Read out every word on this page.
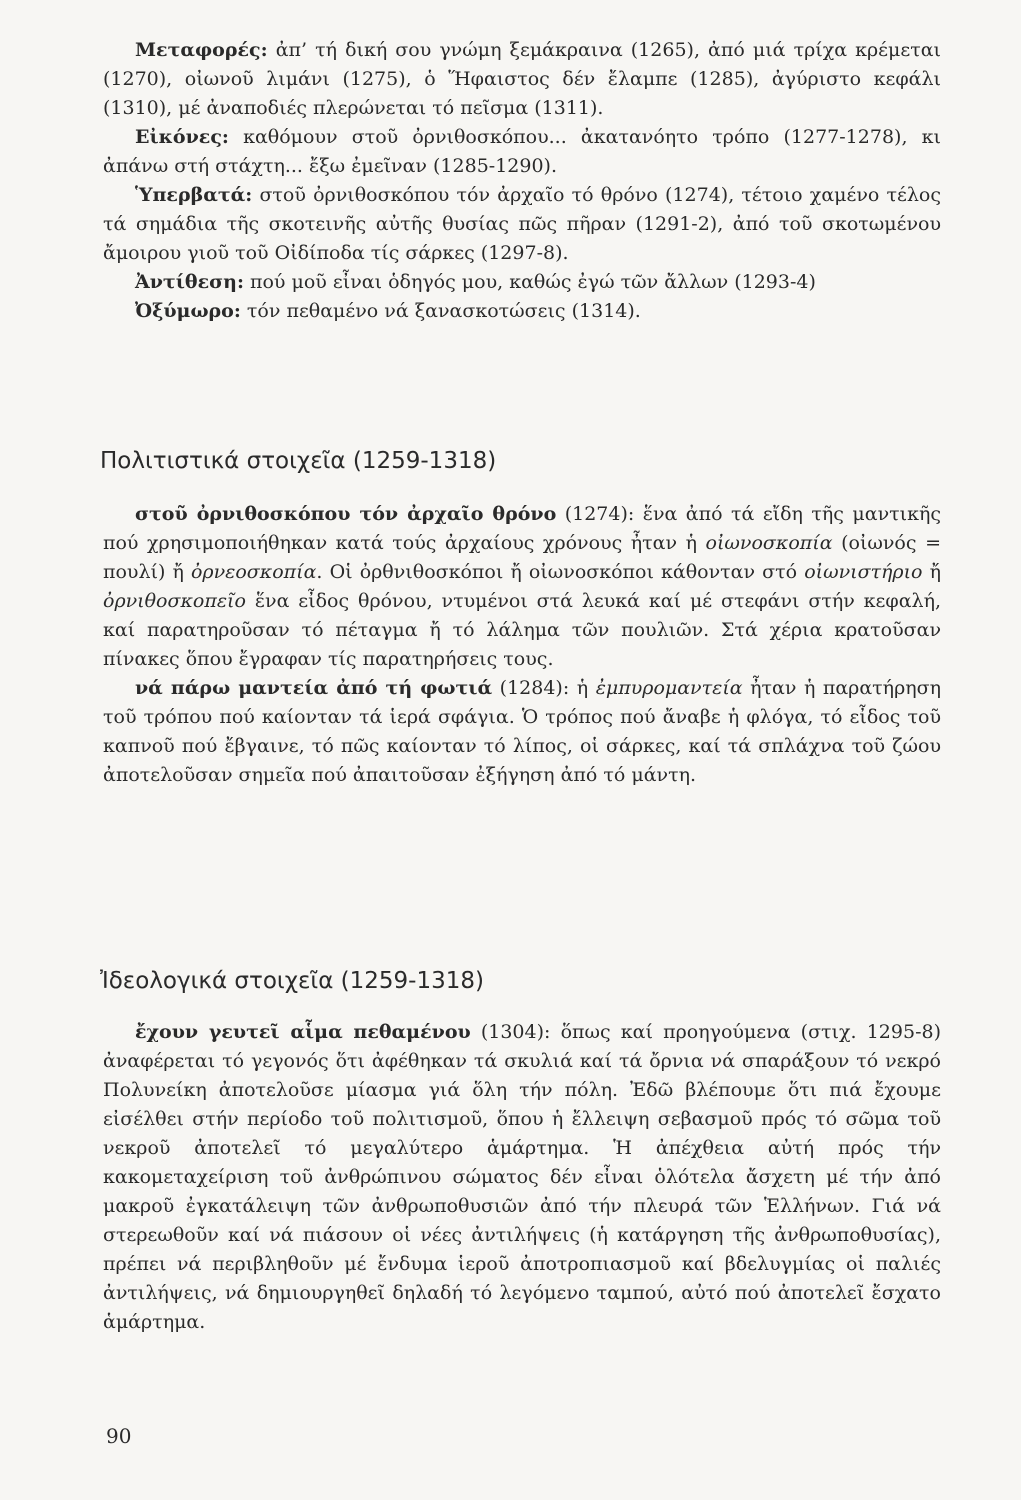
Μεταφορές: ἀπ’ τή δική σου γνώμη ξεμάκραινα (1265), ἀπό μιά τρίχα κρέμεται (1270), οἰωνοῦ λιμάνι (1275), ὁ Ἥφαιστος δέν ἔλαμπε (1285), ἀγύριστο κεφάλι (1310), μέ ἀναποδιές πλερώνεται τό πεῖσμα (1311).

Εἰκόνες: καθόμουν στοῦ ὀρνιθοσκόπου... ἀκατανόητο τρόπο (1277-1278), κι ἀπάνω στή στάχτη... ἔξω ἐμεῖναν (1285-1290).

Ὑπερβατά: στοῦ ὀρνιθοσκόπου τόν ἀρχαῖο τό θρόνο (1274), τέτοιο χαμένο τέλος τά σημάδια τῆς σκοτεινῆς αὐτῆς θυσίας πῶς πῆραν (1291-2), ἀπό τοῦ σκοτωμένου ἄμοιρου γιοῦ τοῦ Οἰδίποδα τίς σάρκες (1297-8).

Ἀντίθεση: πού μοῦ εἶναι ὁδηγός μου, καθώς ἐγώ τῶν ἄλλων (1293-4)

Ὀξύμωρο: τόν πεθαμένο νά ξανασκοτώσεις (1314).

Πολιτιστικά στοιχεῖα (1259-1318)

στοῦ ὀρνιθοσκόπου τόν ἀρχαῖο θρόνο (1274): ἕνα ἀπό τά εἴδη τῆς μαντικῆς πού χρησιμοποιήθηκαν κατά τούς ἀρχαίους χρόνους ἦταν ἡ οἰωνοσκοπία (οἰωνός = πουλί) ἤ ὀρνεοσκοπία. Οἱ ὀρθνιθοσκόποι ἤ οἰωνοσκόποι κάθονταν στό οἰωνιστήριο ἤ ὀρνιθοσκοπεῖο ἕνα εἶδος θρόνου, ντυμένοι στά λευκά καί μέ στεφάνι στήν κεφαλή, καί παρατηροῦσαν τό πέταγμα ἤ τό λάλημα τῶν πουλιῶν. Στά χέρια κρατοῦσαν πίνακες ὅπου ἔγραφαν τίς παρατηρήσεις τους.

νά πάρω μαντεία ἀπό τή φωτιά (1284): ἡ ἐμπυρομαντεία ἦταν ἡ παρατήρηση τοῦ τρόπου πού καίονταν τά ἱερά σφάγια. Ὁ τρόπος πού ἄναβε ἡ φλόγα, τό εἶδος τοῦ καπνοῦ πού ἔβγαινε, τό πῶς καίονταν τό λίπος, οἱ σάρκες, καί τά σπλάχνα τοῦ ζώου ἀποτελοῦσαν σημεῖα πού ἀπαιτοῦσαν ἐξήγηση ἀπό τό μάντη.

Ἰδεολογικά στοιχεῖα (1259-1318)

ἔχουν γευτεῖ αἷμα πεθαμένου (1304): ὅπως καί προηγούμενα (στιχ. 1295-8) ἀναφέρεται τό γεγονός ὅτι ἀφέθηκαν τά σκυλιά καί τά ὄρνια νά σπαράξουν τό νεκρό Πολυνείκη ἀποτελοῦσε μίασμα γιά ὅλη τήν πόλη. Ἐδῶ βλέπουμε ὅτι πιά ἔχουμε εἰσέλθει στήν περίοδο τοῦ πολιτισμοῦ, ὅπου ἡ ἔλλειψη σεβασμοῦ πρός τό σῶμα τοῦ νεκροῦ ἀποτελεῖ τό μεγαλύτερο ἁμάρτημα. Ἡ ἀπέχθεια αὐτή πρός τήν κακομεταχείριση τοῦ ἀνθρώπινου σώματος δέν εἶναι ὁλότελα ἄσχετη μέ τήν ἀπό μακροῦ ἐγκατάλειψη τῶν ἀνθρωποθυσιῶν ἀπό τήν πλευρά τῶν Ἑλλήνων. Γιά νά στερεωθοῦν καί νά πιάσουν οἱ νέες ἀντιλήψεις (ἡ κατάργηση τῆς ἀνθρωποθυσίας), πρέπει νά περιβληθοῦν μέ ἔνδυμα ἱεροῦ ἀποτροπιασμοῦ καί βδελυγμίας οἱ παλιές ἀντιλήψεις, νά δημιουργηθεῖ δηλαδή τό λεγόμενο ταμπού, αὐτό πού ἀποτελεῖ ἔσχατο ἁμάρτημα.

90
